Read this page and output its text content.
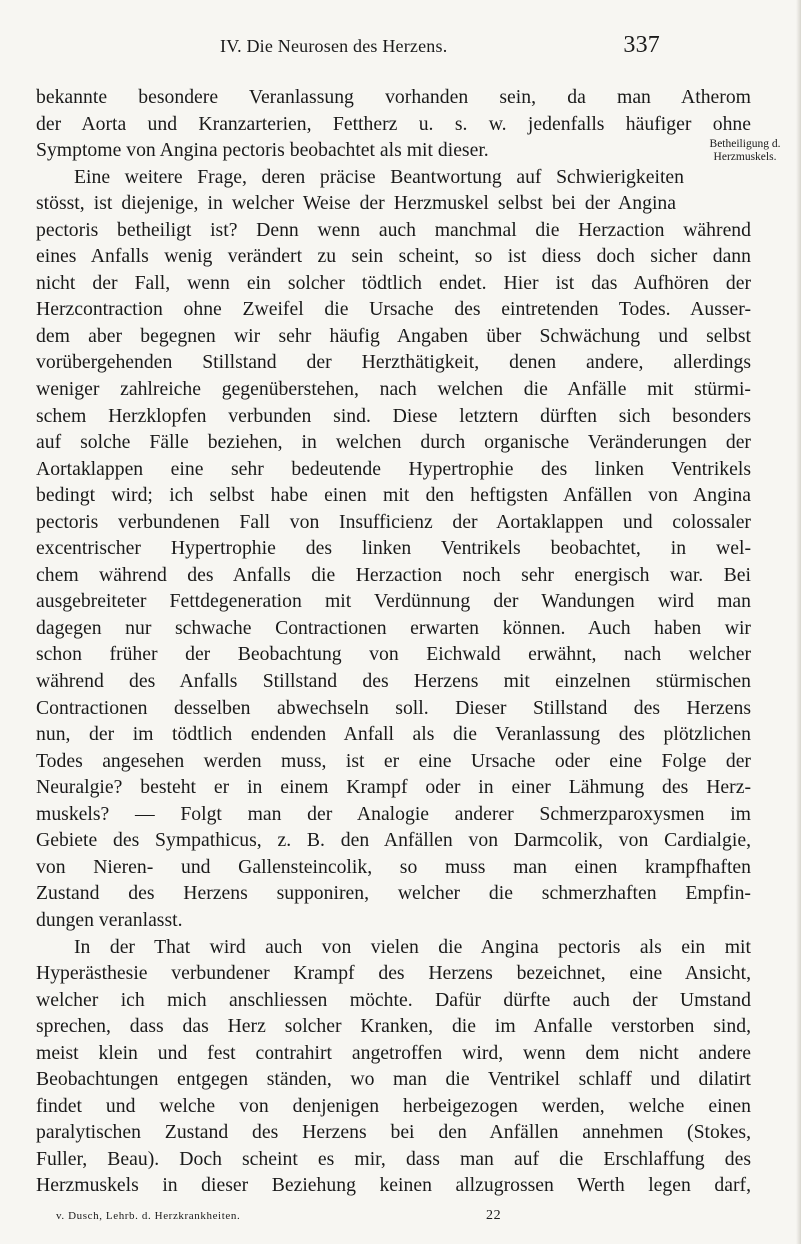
IV. Die Neurosen des Herzens.	337
Betheiligung d.
Herzmuskels.
bekannte besondere Veranlassung vorhanden sein, da man Atherom
der Aorta und Kranzarterien, Fettherz u. s. w. jedenfalls häufiger ohne
Symptome von Angina pectoris beobachtet als mit dieser.
Eine weitere Frage, deren präcise Beantwortung auf Schwierigkeiten
stösst, ist diejenige, in welcher Weise der Herzmuskel selbst bei der Angina
pectoris betheiligt ist? Denn wenn auch manchmal die Herzaction während
eines Anfalls wenig verändert zu sein scheint, so ist diess doch sicher dann
nicht der Fall, wenn ein solcher tödtlich endet. Hier ist das Aufhören der
Herzcontraction ohne Zweifel die Ursache des eintretenden Todes. Ausser-
dem aber begegnen wir sehr häufig Angaben über Schwächung und selbst
vorübergehenden Stillstand der Herzthätigkeit, denen andere, allerdings
weniger zahlreiche gegenüberstehen, nach welchen die Anfälle mit stürmi-
schem Herzklopfen verbunden sind. Diese letztern dürften sich besonders
auf solche Fälle beziehen, in welchen durch organische Veränderungen der
Aortaklappen eine sehr bedeutende Hypertrophie des linken Ventrikels
bedingt wird; ich selbst habe einen mit den heftigsten Anfällen von Angina
pectoris verbundenen Fall von Insufficienz der Aortaklappen und colossaler
excentrischer Hypertrophie des linken Ventrikels beobachtet, in wel-
chem während des Anfalls die Herzaction noch sehr energisch war. Bei
ausgebreiteter Fettdegeneration mit Verdünnung der Wandungen wird man
dagegen nur schwache Contractionen erwarten können. Auch haben wir
schon früher der Beobachtung von Eichwald erwähnt, nach welcher
während des Anfalls Stillstand des Herzens mit einzelnen stürmischen
Contractionen desselben abwechseln soll. Dieser Stillstand des Herzens
nun, der im tödtlich endenden Anfall als die Veranlassung des plötzlichen
Todes angesehen werden muss, ist er eine Ursache oder eine Folge der
Neuralgie? besteht er in einem Krampf oder in einer Lähmung des Herz-
muskels? — Folgt man der Analogie anderer Schmerzparoxysmen im
Gebiete des Sympathicus, z. B. den Anfällen von Darmcolik, von Cardialgie,
von Nieren- und Gallensteincolik, so muss man einen krampfhaften
Zustand des Herzens supponiren, welcher die schmerzhaften Empfin-
dungen veranlasst.
In der That wird auch von vielen die Angina pectoris als ein mit
Hyperästhesie verbundener Krampf des Herzens bezeichnet, eine Ansicht,
welcher ich mich anschliessen möchte. Dafür dürfte auch der Umstand
sprechen, dass das Herz solcher Kranken, die im Anfalle verstorben sind,
meist klein und fest contrahirt angetroffen wird, wenn dem nicht andere
Beobachtungen entgegen ständen, wo man die Ventrikel schlaff und dilatirt
findet und welche von denjenigen herbeigezogen werden, welche einen
paralytischen Zustand des Herzens bei den Anfällen annehmen (Stokes,
Fuller, Beau). Doch scheint es mir, dass man auf die Erschlaffung des
Herzmuskels in dieser Beziehung keinen allzugrossen Werth legen darf,
v. Dusch, Lehrb. d. Herzkrankheiten.	22
